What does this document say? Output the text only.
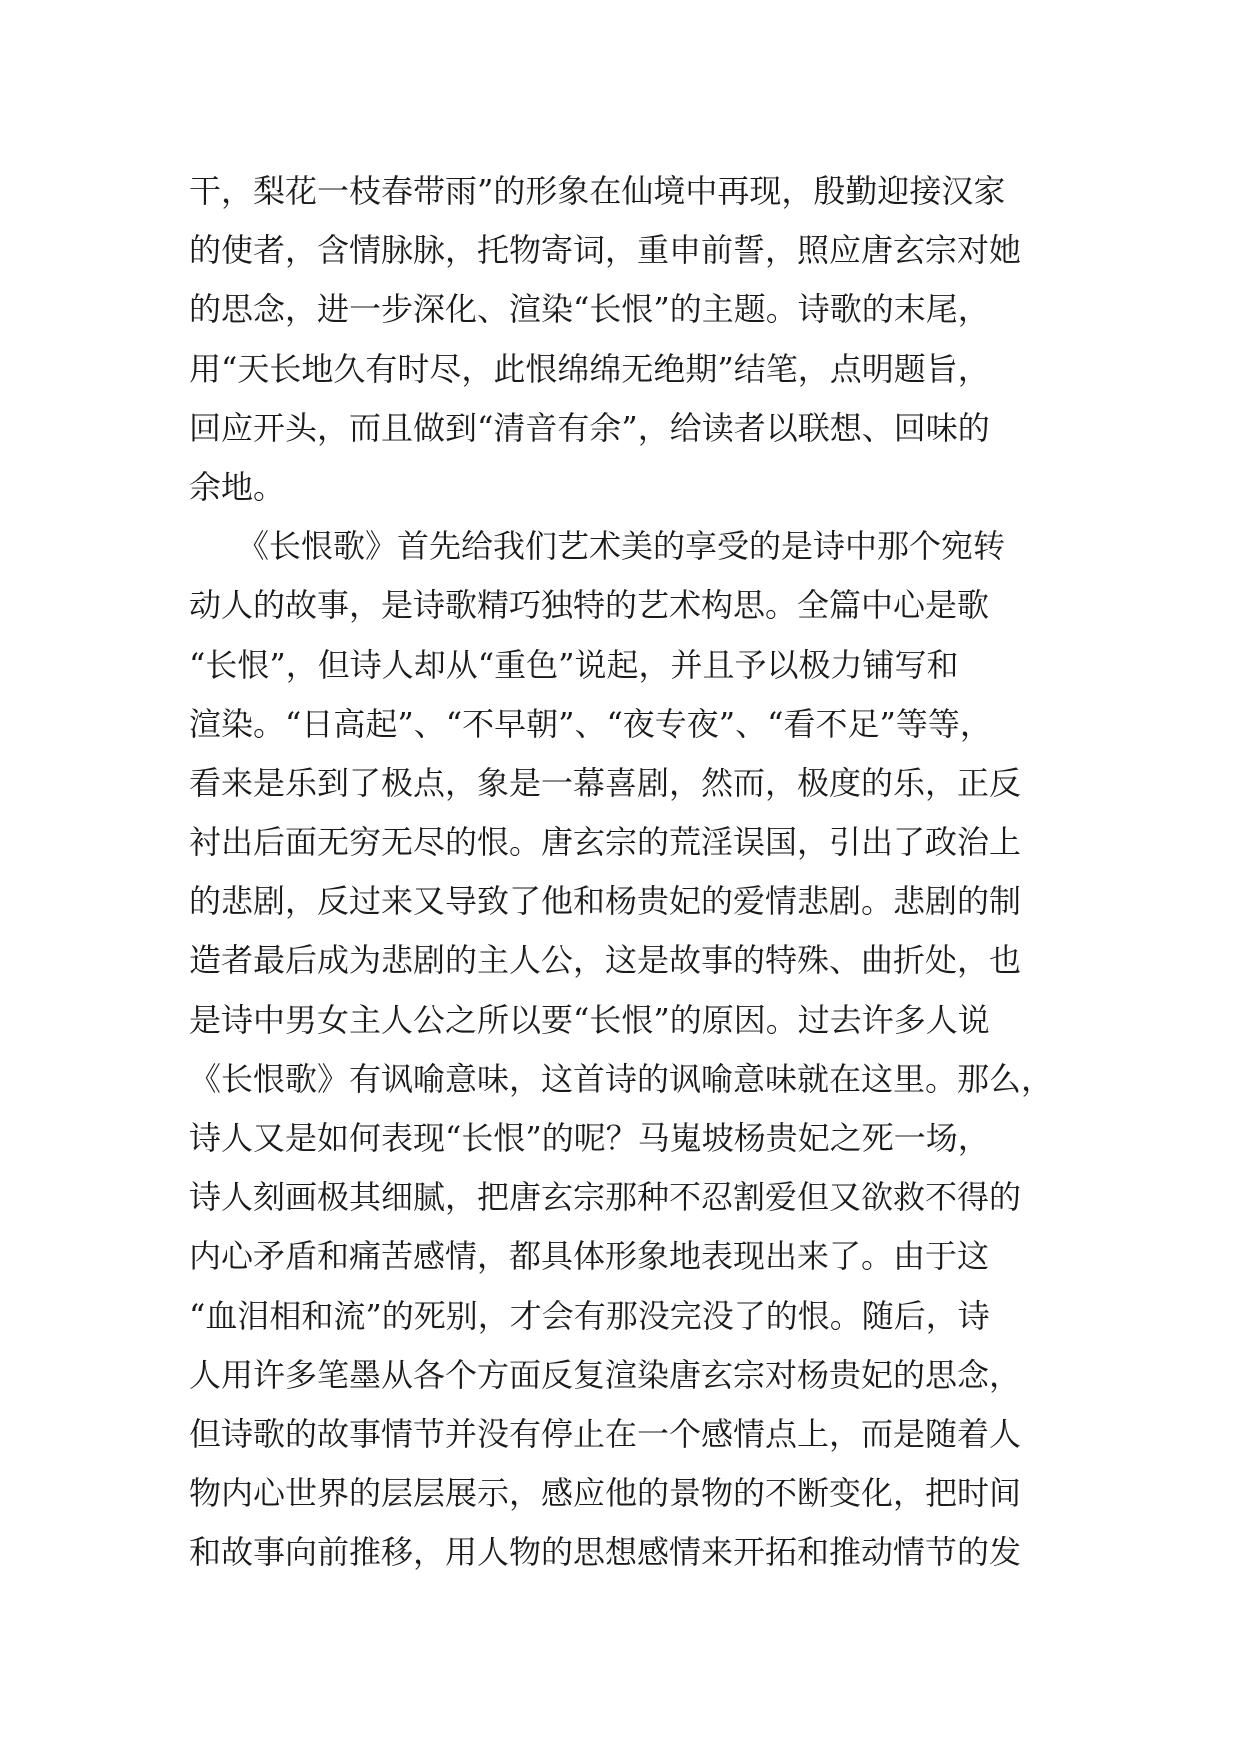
干，梨花一枝春带雨”的形象在仙境中再现，殷勤迎接汉家
的使者，含情脉脉，托物寄词，重申前誓，照应唐玄宗对她
的思念，进一步深化、渲染“长恨”的主题。诗歌的末尾，
用“天长地久有时尽，此恨绵绵无绝期”结笔，点明题旨，
回应开头，而且做到“清音有余”，给读者以联想、回味的
余地。
　　《长恨歌》首先给我们艺术美的享受的是诗中那个宛转
动人的故事，是诗歌精巧独特的艺术构思。全篇中心是歌
“长恨”，但诗人却从“重色”说起，并且予以极力铺写和
渲染。“日高起”、“不早朝”、“夜专夜”、“看不足”等等，
看来是乐到了极点，象是一幕喜剧，然而，极度的乐，正反
衬出后面无穷无尽的恨。唐玄宗的荒淫误国，引出了政治上
的悲剧，反过来又导致了他和杨贵妃的爱情悲剧。悲剧的制
造者最后成为悲剧的主人公，这是故事的特殊、曲折处，也
是诗中男女主人公之所以要“长恨”的原因。过去许多人说
《长恨歌》有讽喻意味，这首诗的讽喻意味就在这里。那么，
诗人又是如何表现“长恨”的呢？马嵬坡杨贵妃之死一场，
诗人刻画极其细腻，把唐玄宗那种不忍割爱但又欲救不得的
内心矛盾和痛苦感情，都具体形象地表现出来了。由于这
“血泪相和流”的死别，才会有那没完没了的恨。随后，诗
人用许多笔墨从各个方面反复渲染唐玄宗对杨贵妃的思念，
但诗歌的故事情节并没有停止在一个感情点上，而是随着人
物内心世界的层层展示，感应他的景物的不断变化，把时间
和故事向前推移，用人物的思想感情来开拓和推动情节的发
